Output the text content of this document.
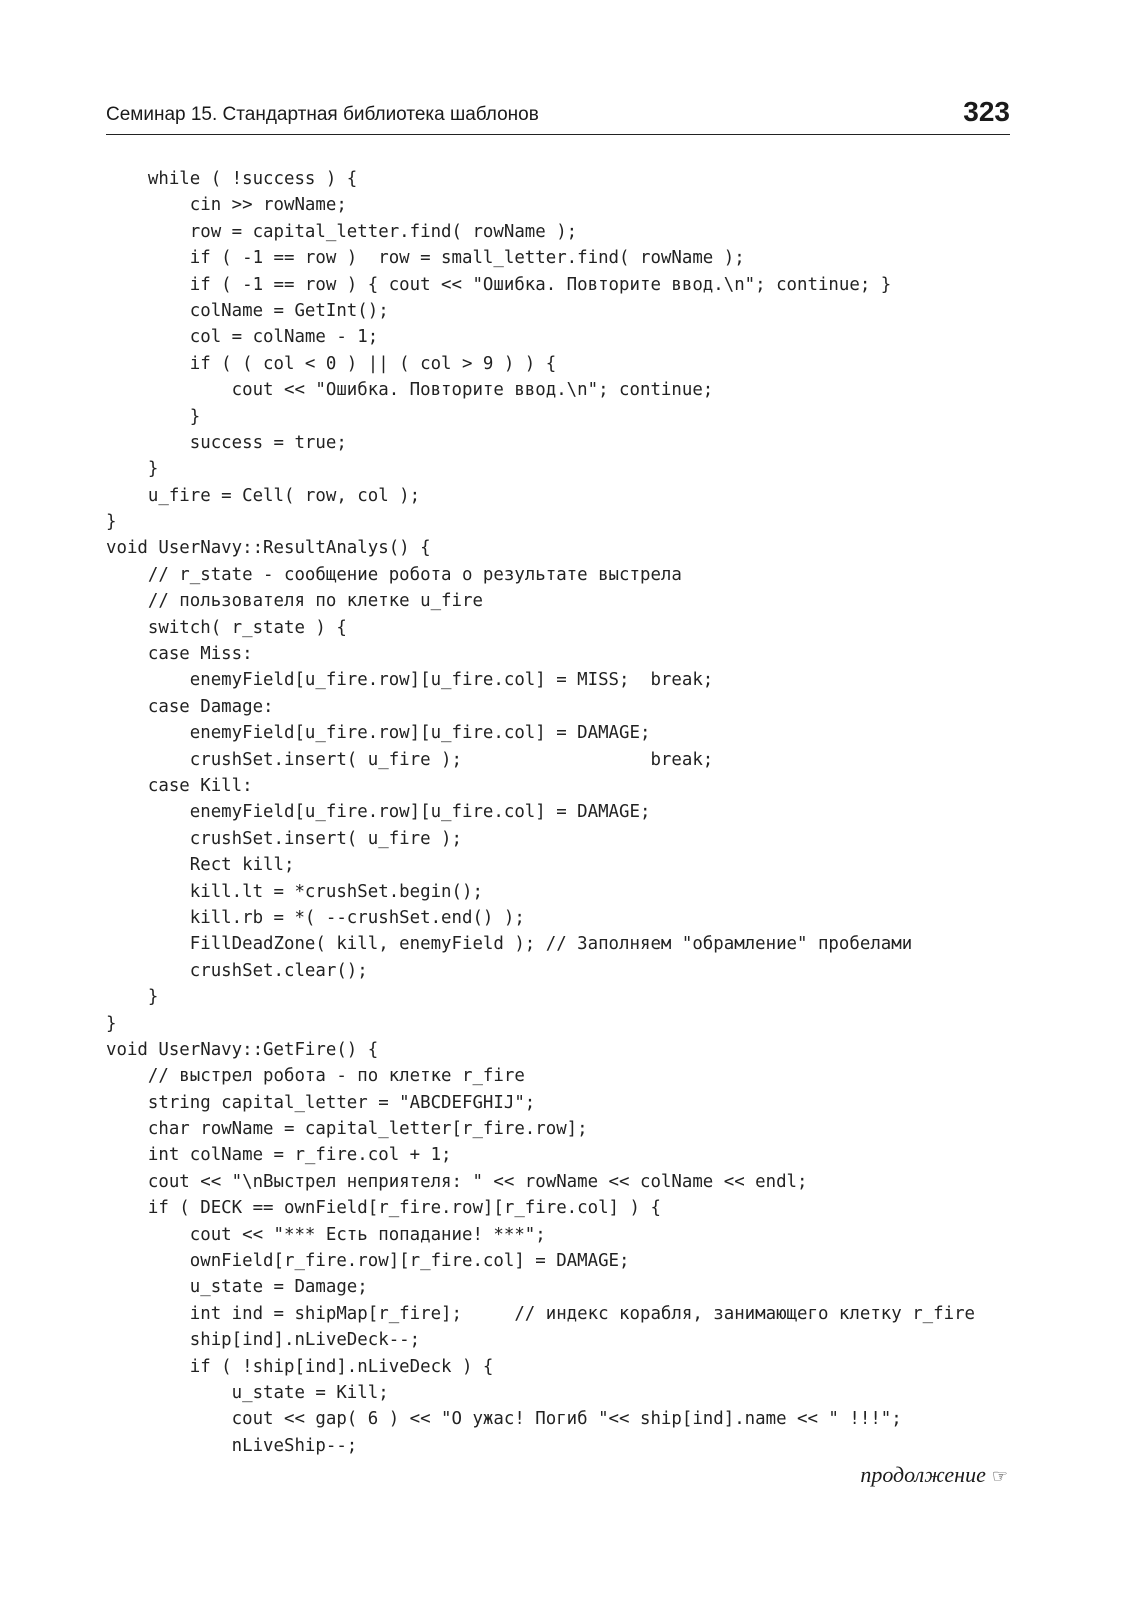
Семинар 15. Стандартная библиотека шаблонов	323
while ( !success ) {
cin >> rowName;
row = capital_letter.find( rowName );
if ( -1 == row )  row = small_letter.find( rowName );
if ( -1 == row ) { cout << "Ошибка. Повторите ввод.\n"; continue; }
colName = GetInt();
col = colName - 1;
if ( ( col < 0 ) || ( col > 9 ) ) {
cout << "Ошибка. Повторите ввод.\n"; continue;
}
success = true;
}
u_fire = Cell( row, col );
}
void UserNavy::ResultAnalys() {
// r_state - сообщение робота о результате выстрела
// пользователя по клетке u_fire
switch( r_state ) {
case Miss:
enemyField[u_fire.row][u_fire.col] = MISS;  break;
case Damage:
enemyField[u_fire.row][u_fire.col] = DAMAGE;
crushSet.insert( u_fire );                  break;
case Kill:
enemyField[u_fire.row][u_fire.col] = DAMAGE;
crushSet.insert( u_fire );
Rect kill;
kill.lt = *crushSet.begin();
kill.rb = *( --crushSet.end() );
FillDeadZone( kill, enemyField ); // Заполняем "обрамление" пробелами
crushSet.clear();
}
}
void UserNavy::GetFire() {
// выстрел робота - по клетке r_fire
string capital_letter = "ABCDEFGHIJ";
char rowName = capital_letter[r_fire.row];
int colName = r_fire.col + 1;
cout << "\nВыстрел неприятеля: " << rowName << colName << endl;
if ( DECK == ownField[r_fire.row][r_fire.col] ) {
cout << "*** Есть попадание! ***";
ownField[r_fire.row][r_fire.col] = DAMAGE;
u_state = Damage;
int ind = shipMap[r_fire];     // индекс корабля, занимающего клетку r_fire
ship[ind].nLiveDeck--;
if ( !ship[ind].nLiveDeck ) {
u_state = Kill;
cout << gap( 6 ) << "О ужас! Погиб "<< ship[ind].name << " !!!";
nLiveShip--;
продолжение ☞
